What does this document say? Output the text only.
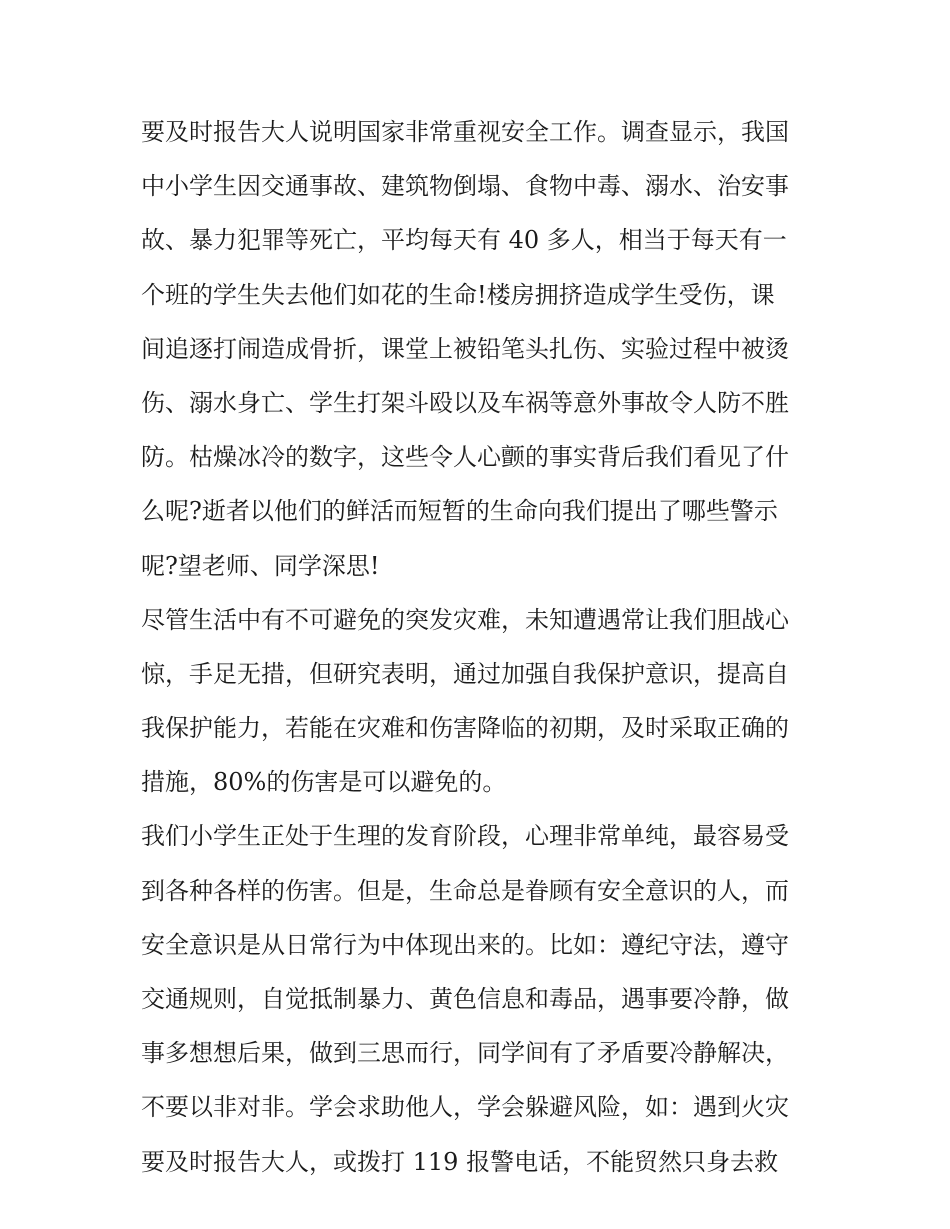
要及时报告大人说明国家非常重视安全工作。调查显示，我国
中小学生因交通事故、建筑物倒塌、食物中毒、溺水、治安事
故、暴力犯罪等死亡，平均每天有 40 多人，相当于每天有一
个班的学生失去他们如花的生命!楼房拥挤造成学生受伤，课
间追逐打闹造成骨折，课堂上被铅笔头扎伤、实验过程中被烫
伤、溺水身亡、学生打架斗殴以及车祸等意外事故令人防不胜
防。枯燥冰冷的数字，这些令人心颤的事实背后我们看见了什
么呢?逝者以他们的鲜活而短暂的生命向我们提出了哪些警示
呢?望老师、同学深思!
尽管生活中有不可避免的突发灾难，未知遭遇常让我们胆战心
惊，手足无措，但研究表明，通过加强自我保护意识，提高自
我保护能力，若能在灾难和伤害降临的初期，及时采取正确的
措施，80%的伤害是可以避免的。
我们小学生正处于生理的发育阶段，心理非常单纯，最容易受
到各种各样的伤害。但是，生命总是眷顾有安全意识的人，而
安全意识是从日常行为中体现出来的。比如：遵纪守法，遵守
交通规则，自觉抵制暴力、黄色信息和毒品，遇事要冷静，做
事多想想后果，做到三思而行，同学间有了矛盾要冷静解决，
不要以非对非。学会求助他人，学会躲避风险，如：遇到火灾
要及时报告大人，或拨打 119 报警电话，不能贸然只身去救
